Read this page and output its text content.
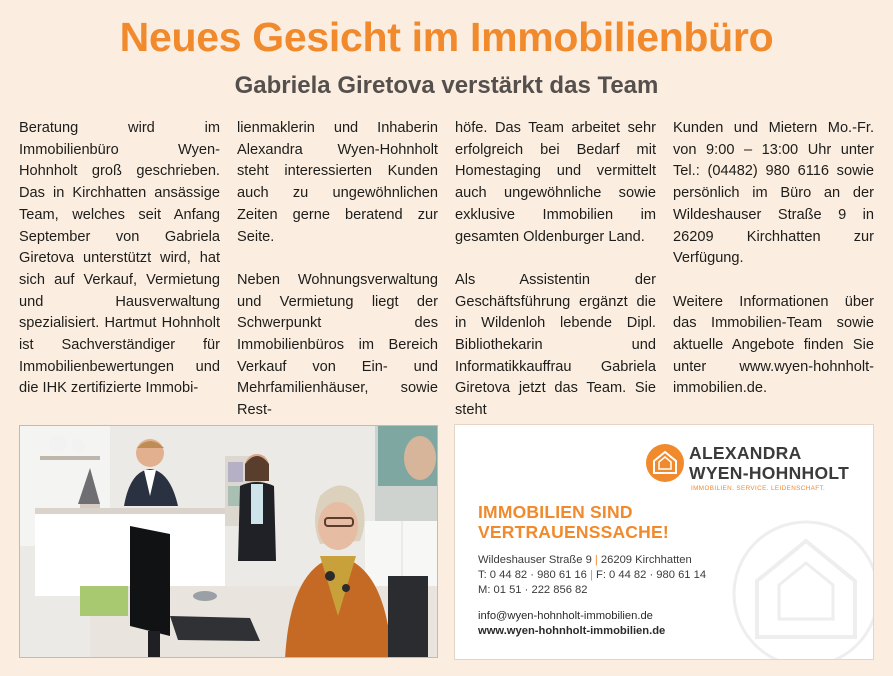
Neues Gesicht im Immobilienbüro
Gabriela Giretova verstärkt das Team

Beratung wird im Immobilienbüro Wyen-Hohnholt groß geschrieben. Das in Kirchhatten ansässige Team, welches seit Anfang September von Gabriela Giretova unterstützt wird, hat sich auf Verkauf, Vermietung und Hausverwaltung spezialisiert. Hartmut Hohnholt ist Sachverständiger für Immobilienbewertungen und die IHK zertifizierte Immobi-

lienmaklerin und Inhaberin Alexandra Wyen-Hohnholt steht interessierten Kunden auch zu ungewöhnlichen Zeiten gerne beratend zur Seite.

Neben Wohnungsverwaltung und Vermietung liegt der Schwerpunkt des Immobilienbüros im Bereich Verkauf von Ein- und Mehrfamilienhäuser, sowie Rest-

höfe. Das Team arbeitet sehr erfolgreich bei Bedarf mit Homestaging und vermittelt auch ungewöhnliche sowie exklusive Immobilien im gesamten Oldenburger Land.

Als Assistentin der Geschäftsführung ergänzt die in Wildenloh lebende Dipl. Bibliothekarin und Informatikkauffrau Gabriela Giretova jetzt das Team. Sie steht

Kunden und Mietern Mo.-Fr. von 9:00 – 13:00 Uhr unter Tel.: (04482) 980 6116 sowie persönlich im Büro an der Wildeshauser Straße 9 in 26209 Kirchhatten zur Verfügung.

Weitere Informationen über das Immobilien-Team sowie aktuelle Angebote finden Sie unter www.wyen-hohnholt-immobilien.de.

ALEXANDRA

WYEN-HOHNHOLT

IMMOBILIEN. SERVICE. LEIDENSCHAFT.

IMMOBILIEN SIND
VERTRAUENSSACHE!

Wildeshauser Straße 9 | 26209 Kirchhatten
T: 0 44 82 · 980 61 16 | F: 0 44 82 · 980 61 14
M: 01 51 · 222 856 82

info@wyen-hohnholt-immobilien.de
www.wyen-hohnholt-immobilien.de
